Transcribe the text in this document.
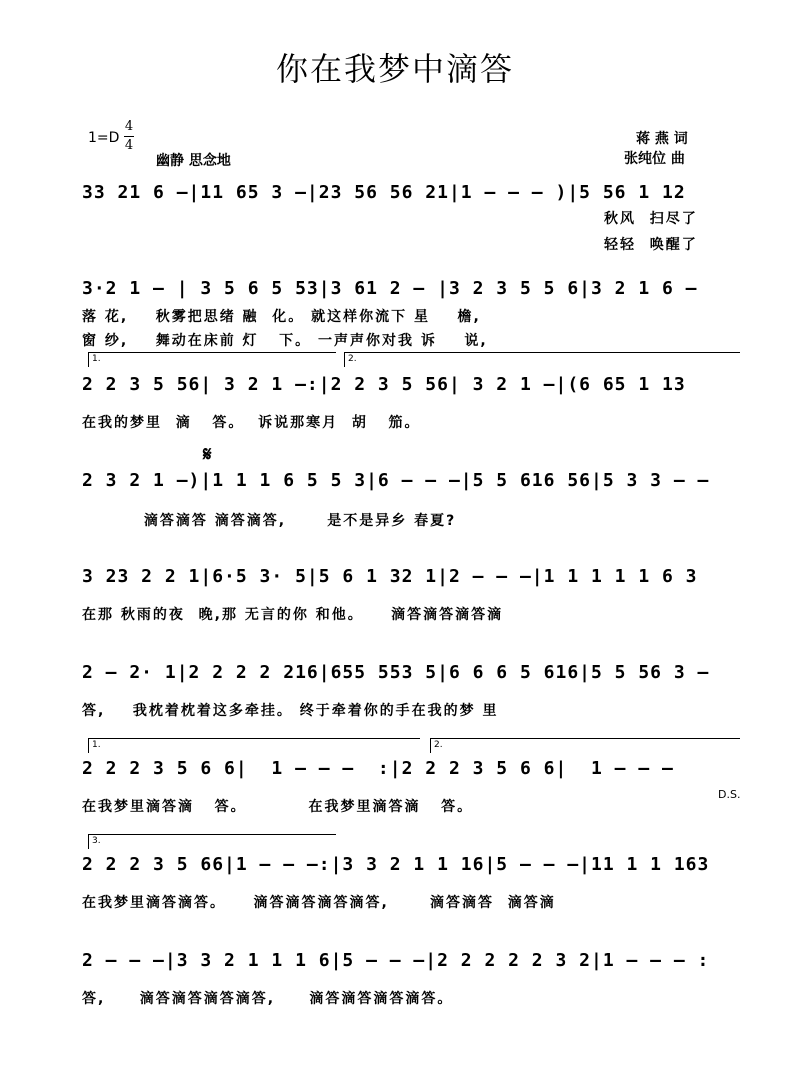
你在我梦中滴答
1=D
4
4
幽静 思念地
蒋 燕 词
张纯位 曲
33 21 6 –|11 65 3 –|23 56 56 21|1 – – – )|5 56 1 12
秋风  扫尽了
轻轻  唤醒了
3·2 1 – | 3 5 6 5 53|3 61 2 – |3 2 3 5 5 6|3 2 1 6 –
落 花,    秋雾把思绪 融  化。 就这样你流下 星    檐,
窗 纱,    舞动在床前 灯   下。 一声声你对我 诉    说,
1.	2.
2 2 3 5 56| 3 2 1 –:|2 2 3 5 56| 3 2 1 –|(6 65 1 13
在我的梦里  滴   答。  诉说那寒月  胡   笳。
𝄋
2 3 2 1 –)|1 1 1 6 5 5 3|6 – – –|5 5 616 56|5 3 3 – –
滴答滴答 滴答滴答,      是不是异乡 春夏?
3 23 2 2 1|6·5 3· 5|5 6 1 32 1|2 – – –|1 1 1 1 1 6 3
在那 秋雨的夜  晚,那 无言的你 和他。    滴答滴答滴答滴
2 – 2· 1|2 2 2 2 216|655 553 5|6 6 6 5 616|5 5 56 3 –
答,    我枕着枕着这多牵挂。 终于牵着你的手在我的梦 里
1.	2.
2 2 2 3 5 6 6|  1 – – –  :|2 2 2 3 5 6 6|  1 – – –
D.S.
在我梦里滴答滴   答。         在我梦里滴答滴   答。
3.
2 2 2 3 5 66|1 – – –:|3 3 2 1 1 16|5 – – –|11 1 1 163
在我梦里滴答滴答。    滴答滴答滴答滴答,      滴答滴答  滴答滴
2 – – –|3 3 2 1 1 1 6|5 – – –|2 2 2 2 2 3 2|1 – – – :
答,     滴答滴答滴答滴答,     滴答滴答滴答滴答。
